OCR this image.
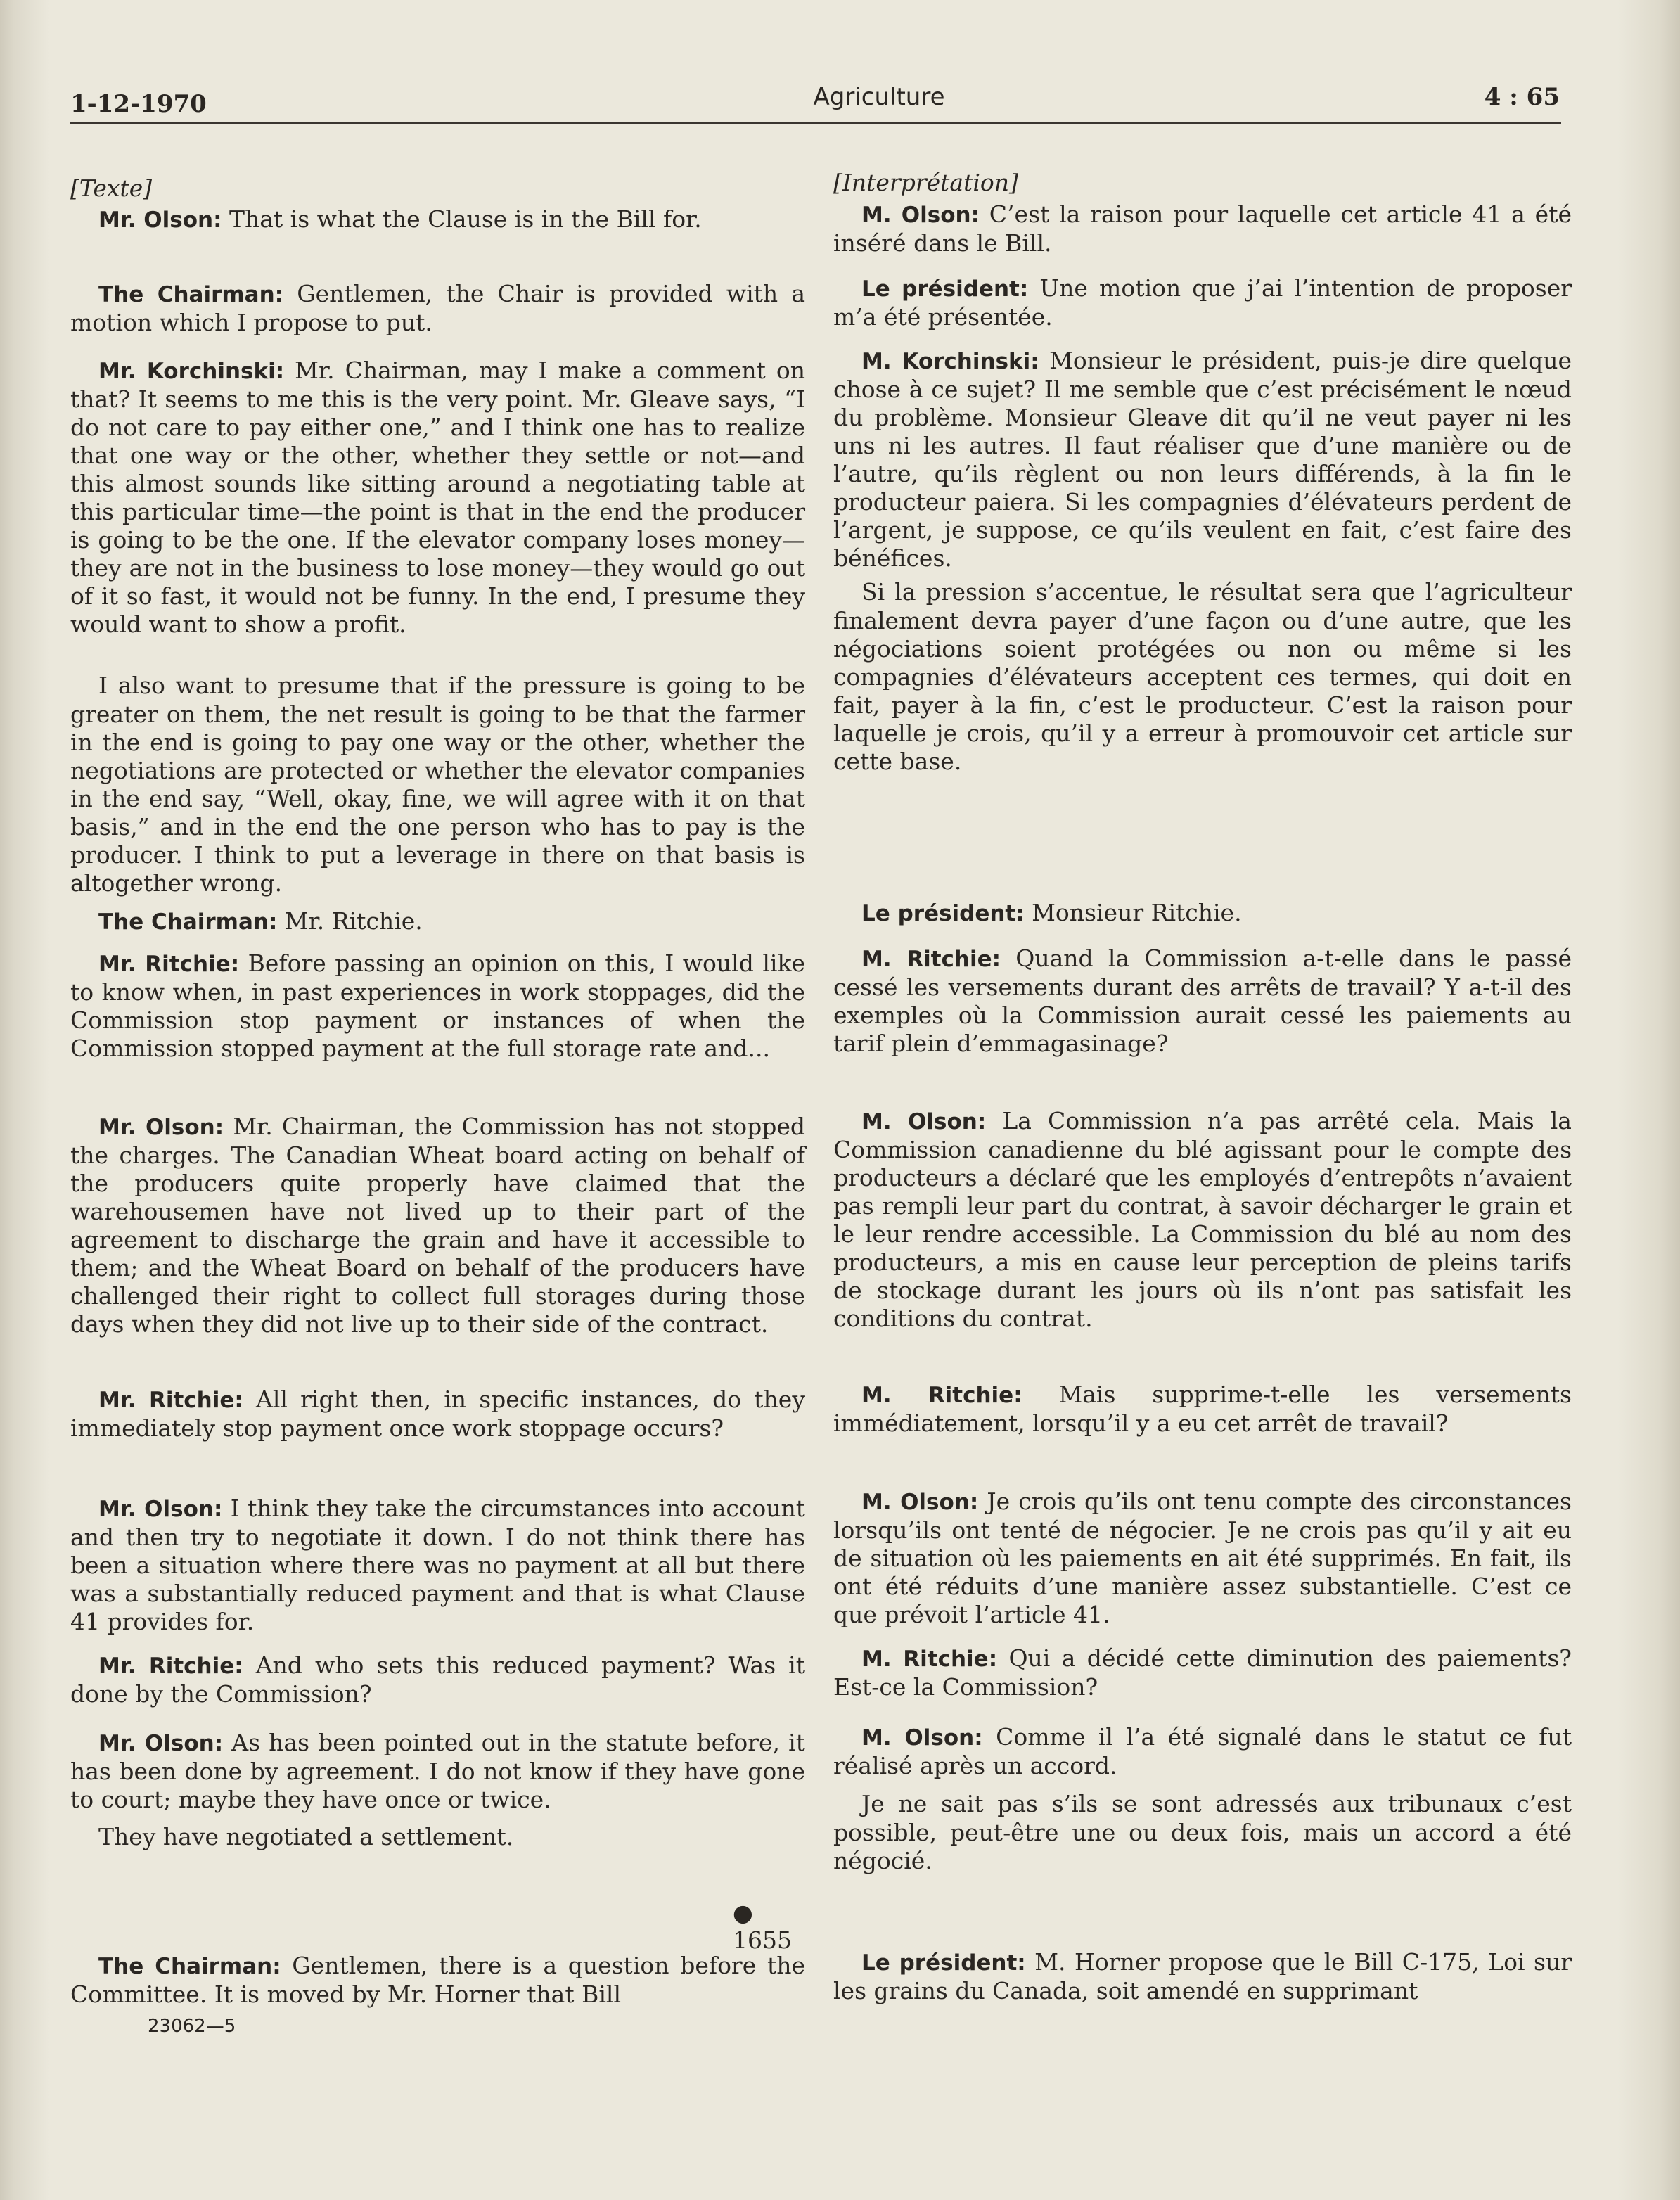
1-12-1970	Agriculture	4 : 65

[Texte]

Mr. Olson: That is what the Clause is in the Bill for.

The Chairman: Gentlemen, the Chair is provided with a motion which I propose to put.

Mr. Korchinski: Mr. Chairman, may I make a comment on that? It seems to me this is the very point. Mr. Gleave says, “I do not care to pay either one,” and I think one has to realize that one way or the other, whether they settle or not—and this almost sounds like sitting around a negotiating table at this particular time—the point is that in the end the producer is going to be the one. If the elevator company loses money—they are not in the business to lose money—they would go out of it so fast, it would not be funny. In the end, I presume they would want to show a profit.

I also want to presume that if the pressure is going to be greater on them, the net result is going to be that the farmer in the end is going to pay one way or the other, whether the negotiations are protected or whether the elevator companies in the end say, “Well, okay, fine, we will agree with it on that basis,” and in the end the one person who has to pay is the producer. I think to put a leverage in there on that basis is altogether wrong.

The Chairman: Mr. Ritchie.

Mr. Ritchie: Before passing an opinion on this, I would like to know when, in past experiences in work stoppages, did the Commission stop payment or instances of when the Commission stopped payment at the full storage rate and...

Mr. Olson: Mr. Chairman, the Commission has not stopped the charges. The Canadian Wheat board acting on behalf of the producers quite properly have claimed that the warehousemen have not lived up to their part of the agreement to discharge the grain and have it accessible to them; and the Wheat Board on behalf of the producers have challenged their right to collect full storages during those days when they did not live up to their side of the contract.

Mr. Ritchie: All right then, in specific instances, do they immediately stop payment once work stoppage occurs?

Mr. Olson: I think they take the circumstances into account and then try to negotiate it down. I do not think there has been a situation where there was no payment at all but there was a substantially reduced payment and that is what Clause 41 provides for.

Mr. Ritchie: And who sets this reduced payment? Was it done by the Commission?

Mr. Olson: As has been pointed out in the statute before, it has been done by agreement. I do not know if they have gone to court; maybe they have once or twice.

They have negotiated a settlement.

● 1655

The Chairman: Gentlemen, there is a question before the Committee. It is moved by Mr. Horner that Bill

23062—5

[Interprétation]

M. Olson: C’est la raison pour laquelle cet article 41 a été inséré dans le Bill.

Le président: Une motion que j’ai l’intention de proposer m’a été présentée.

M. Korchinski: Monsieur le président, puis-je dire quelque chose à ce sujet? Il me semble que c’est précisément le nœud du problème. Monsieur Gleave dit qu’il ne veut payer ni les uns ni les autres. Il faut réaliser que d’une manière ou de l’autre, qu’ils règlent ou non leurs différends, à la fin le producteur paiera. Si les compagnies d’élévateurs perdent de l’argent, je suppose, ce qu’ils veulent en fait, c’est faire des bénéfices.

Si la pression s’accentue, le résultat sera que l’agriculteur finalement devra payer d’une façon ou d’une autre, que les négociations soient protégées ou non ou même si les compagnies d’élévateurs acceptent ces termes, qui doit en fait, payer à la fin, c’est le producteur. C’est la raison pour laquelle je crois, qu’il y a erreur à promouvoir cet article sur cette base.

Le président: Monsieur Ritchie.

M. Ritchie: Quand la Commission a-t-elle dans le passé cessé les versements durant des arrêts de travail? Y a-t-il des exemples où la Commission aurait cessé les paiements au tarif plein d’emmagasinage?

M. Olson: La Commission n’a pas arrêté cela. Mais la Commission canadienne du blé agissant pour le compte des producteurs a déclaré que les employés d’entrepôts n’avaient pas rempli leur part du contrat, à savoir décharger le grain et le leur rendre accessible. La Commission du blé au nom des producteurs, a mis en cause leur perception de pleins tarifs de stockage durant les jours où ils n’ont pas satisfait les conditions du contrat.

M. Ritchie: Mais supprime-t-elle les versements immédiatement, lorsqu’il y a eu cet arrêt de travail?

M. Olson: Je crois qu’ils ont tenu compte des circonstances lorsqu’ils ont tenté de négocier. Je ne crois pas qu’il y ait eu de situation où les paiements en ait été supprimés. En fait, ils ont été réduits d’une manière assez substantielle. C’est ce que prévoit l’article 41.

M. Ritchie: Qui a décidé cette diminution des paiements? Est-ce la Commission?

M. Olson: Comme il l’a été signalé dans le statut ce fut réalisé après un accord.

Je ne sait pas s’ils se sont adressés aux tribunaux c’est possible, peut-être une ou deux fois, mais un accord a été négocié.

Le président: M. Horner propose que le Bill C-175, Loi sur les grains du Canada, soit amendé en supprimant
